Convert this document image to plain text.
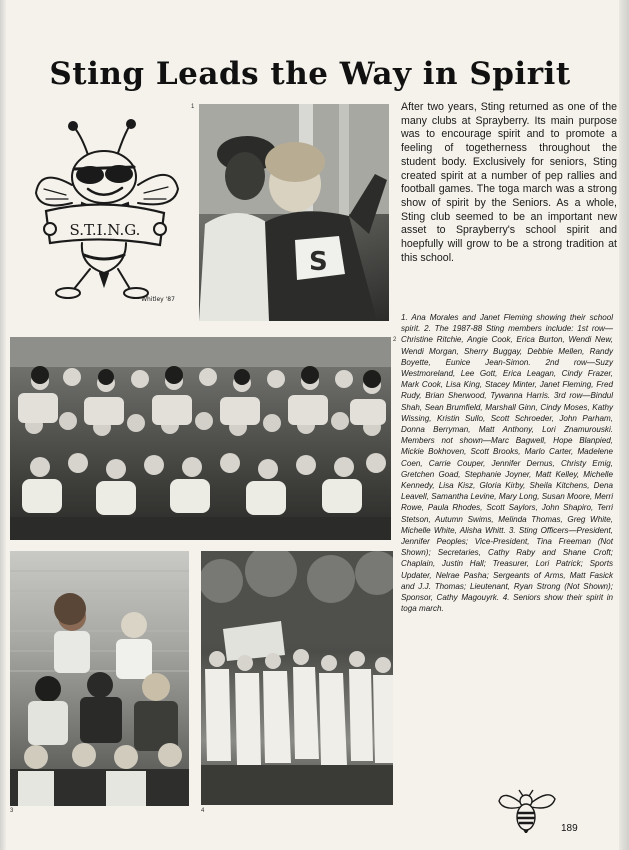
Sting Leads the Way in Spirit
S.T.I.N.G.
Whitley '87
S
1
2
3	4

After two years, Sting returned as one of the many clubs at Sprayberry. Its main purpose was to encourage spirit and to promote a feeling of togetherness throughout the student body. Exclusively for seniors, Sting created spirit at a number of pep rallies and football games. The toga march was a strong show of spirit by the Seniors. As a whole, Sting club seemed to be an important new asset to Sprayberry's school spirit and hoepfully will grow to be a strong tradition at this school.

1. Ana Morales and Janet Fleming showing their school spirit. 2. The 1987-88 Sting members include: 1st row—Christine Ritchie, Angie Cook, Erica Burton, Wendi New, Wendi Morgan, Sherry Buggay, Debbie Mellen, Randy Boyette, Eunice Jean-Simon. 2nd row—Suzy Westmoreland, Lee Gott, Erica Leagan, Cindy Frazer, Mark Cook, Lisa King, Stacey Minter, Janet Fleming, Fred Rudy, Brian Sherwood, Tywanna Harris. 3rd row—Bindul Shah, Sean Brumfield, Marshall Ginn, Cindy Moses, Kathy Wissing, Kristin Sullo, Scott Schroeder, John Parham, Donna Berryman, Matt Anthony, Lori Znamurouski. Members not shown—Marc Bagwell, Hope Blanpied, Mickie Bokhoven, Scott Brooks, Marlo Carter, Madelene Coen, Carrie Couper, Jennifer Dernus, Christy Emig, Gretchen Goad, Stephanie Joyner, Matt Kelley, Michelle Kennedy, Lisa Kisz, Gloria Kirby, Sheila Kitchens, Dena Leavell, Samantha Levine, Mary Long, Susan Moore, Merri Rowe, Paula Rhodes, Scott Saylors, John Shapiro, Terri Stetson, Autumn Swims, Melinda Thomas, Greg White, Michelle White, Alisha Whitt. 3. Sting Officers—President, Jennifer Peoples; Vice-President, Tina Freeman (Not Shown); Secretaries, Cathy Raby and Shane Croft; Chaplain, Justin Hall; Treasurer, Lori Patrick; Sports Updater, Nelrae Pasha; Sergeants of Arms, Matt Fasick and J.J. Thomas; Lieutenant, Ryan Strong (Not Shown); Sponsor, Cathy Magouyrk. 4. Seniors show their spirit in toga march.

189
